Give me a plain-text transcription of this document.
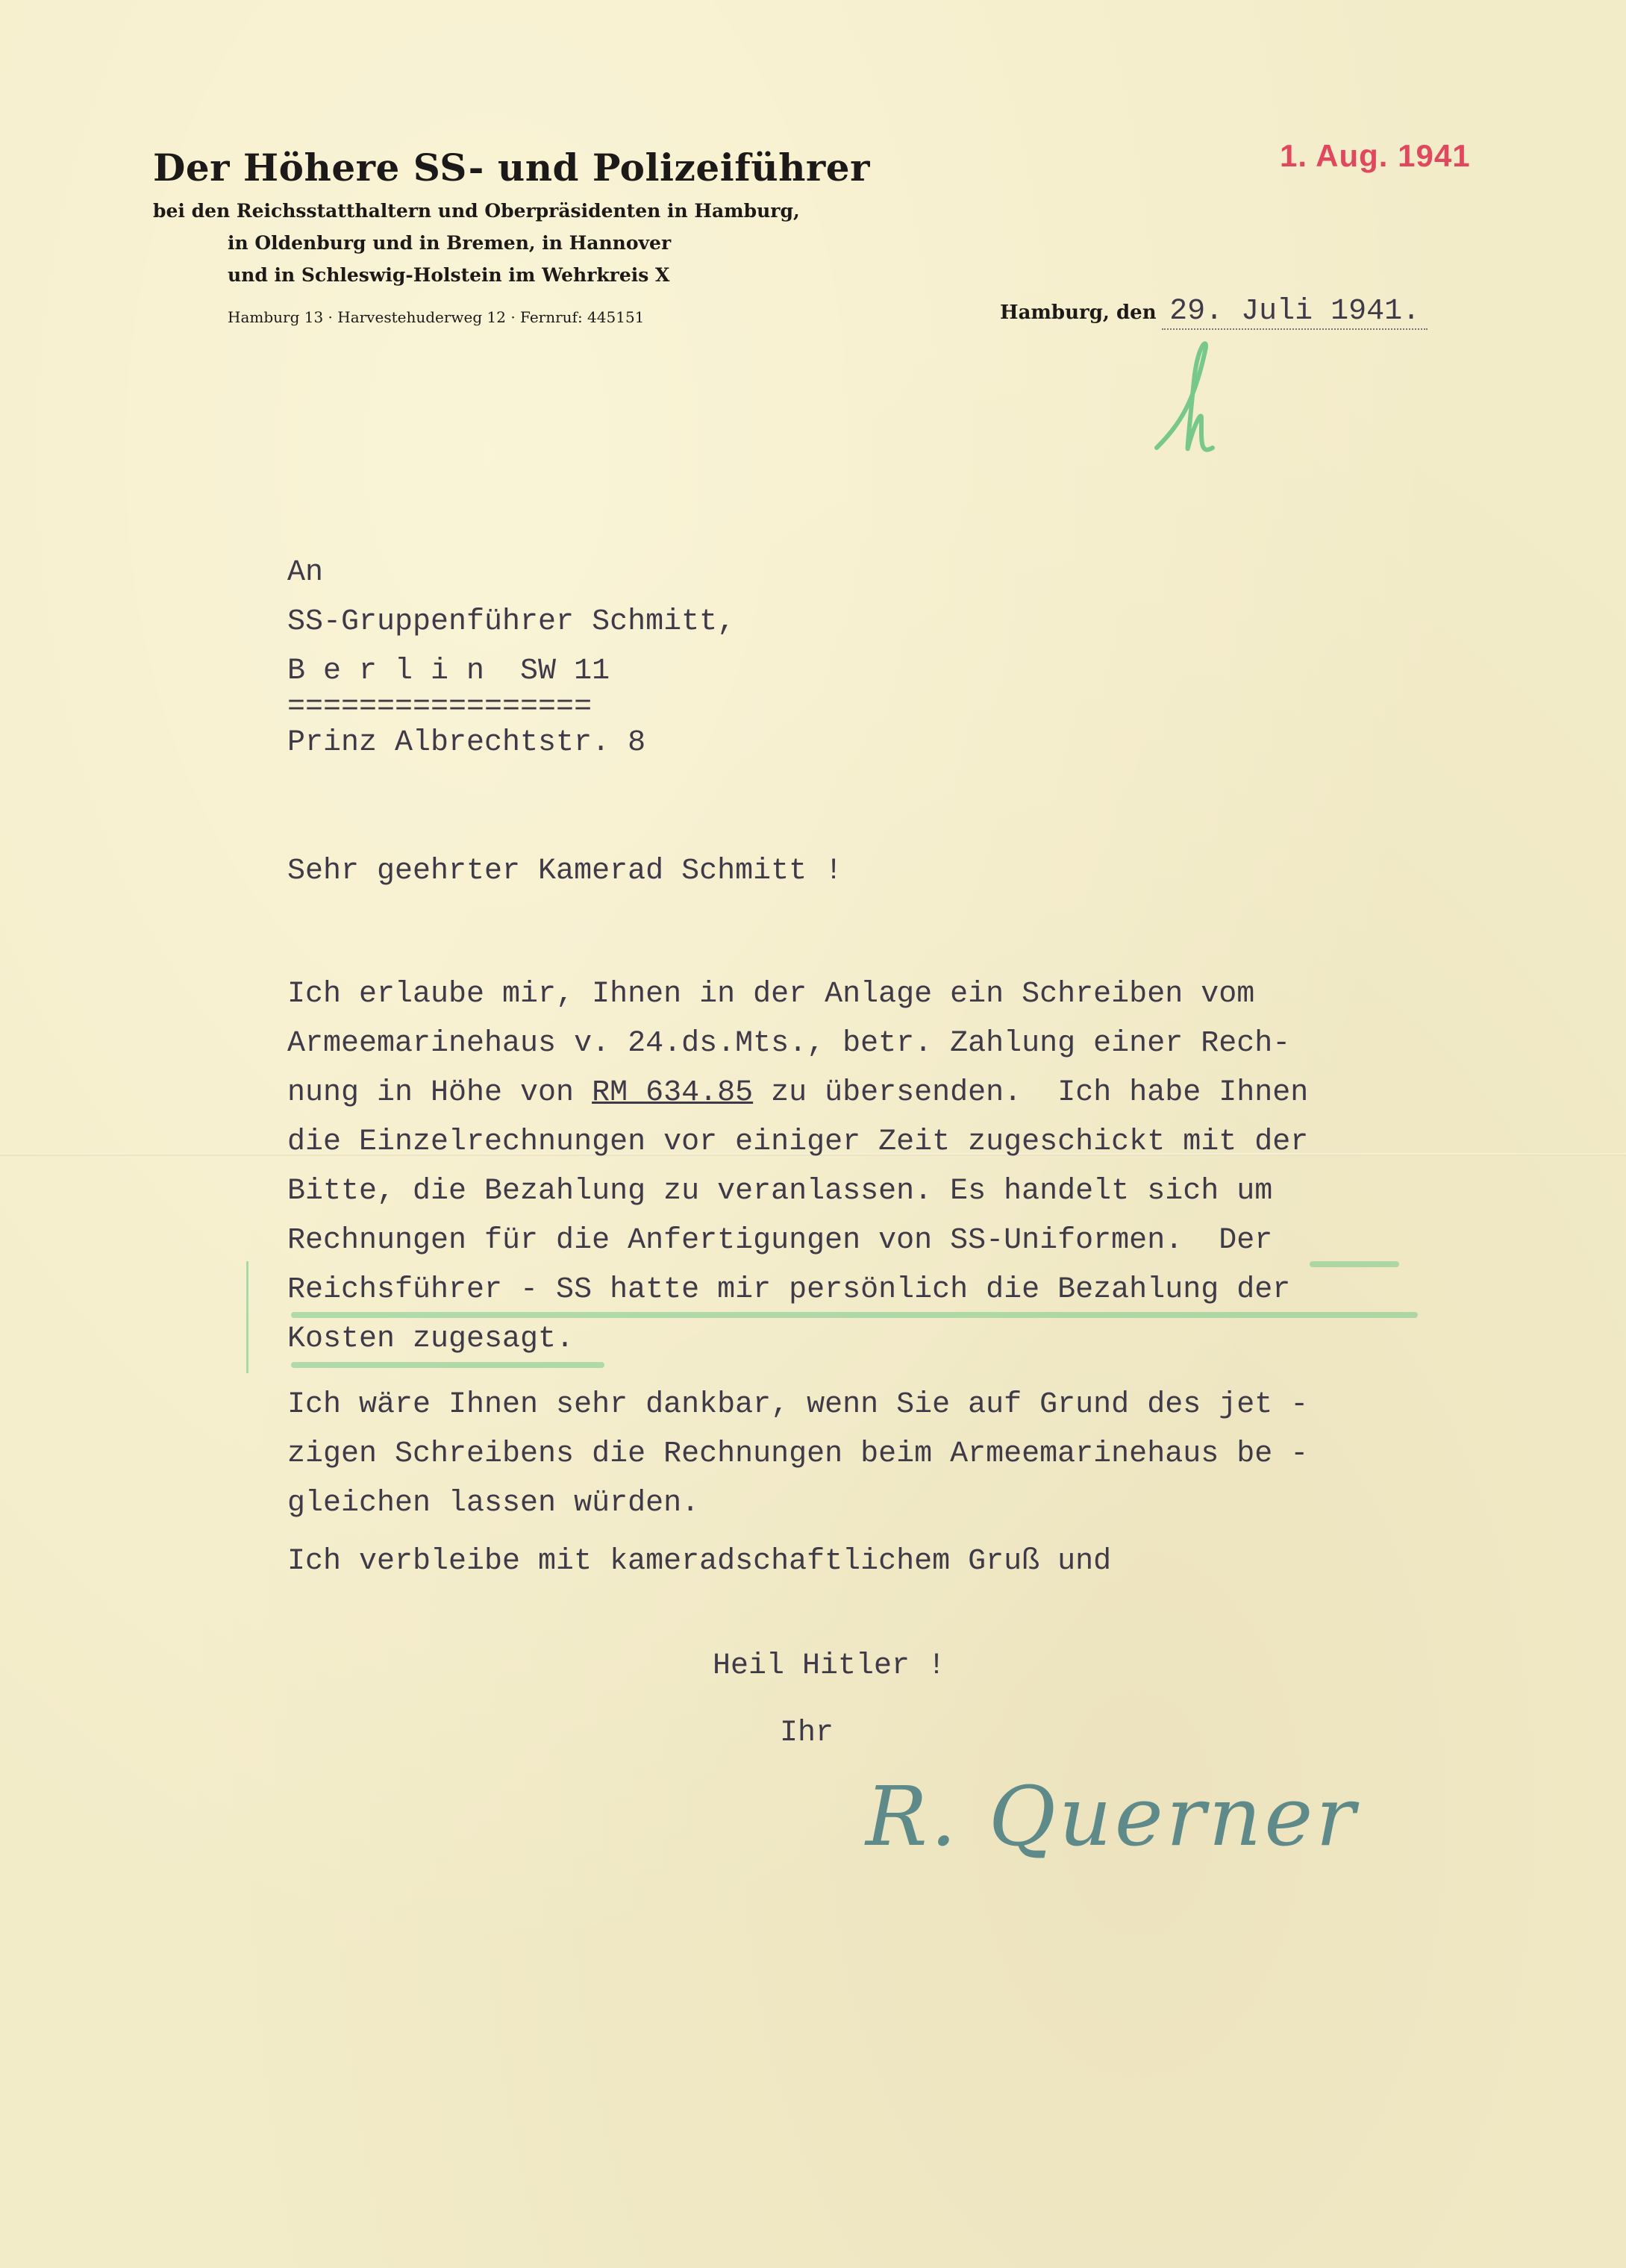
Der Höhere SS- und Polizeiführer
bei den Reichsstatthaltern und Oberpräsidenten in Hamburg,
in Oldenburg und in Bremen, in Hannover
und in Schleswig-Holstein im Wehrkreis X
Hamburg 13 · Harvestehuderweg 12 · Fernruf: 445151
1. Aug. 1941
Hamburg, den 29. Juli 1941.
An
SS-Gruppenführer Schmitt,
B e r l i n  SW 11
=================
Prinz Albrechtstr. 8
Sehr geehrter Kamerad Schmitt !
Ich erlaube mir, Ihnen in der Anlage ein Schreiben vom
Armeemarinehaus v. 24.ds.Mts., betr. Zahlung einer Rech-
nung in Höhe von RM 634.85 zu übersenden.  Ich habe Ihnen
die Einzelrechnungen vor einiger Zeit zugeschickt mit der
Bitte, die Bezahlung zu veranlassen. Es handelt sich um
Rechnungen für die Anfertigungen von SS-Uniformen.  Der
Reichsführer - SS hatte mir persönlich die Bezahlung der
Kosten zugesagt.
Ich wäre Ihnen sehr dankbar, wenn Sie auf Grund des jet -
zigen Schreibens die Rechnungen beim Armeemarinehaus be -
gleichen lassen würden.
Ich verbleibe mit kameradschaftlichem Gruß und
Heil Hitler !
Ihr
R. Querner
